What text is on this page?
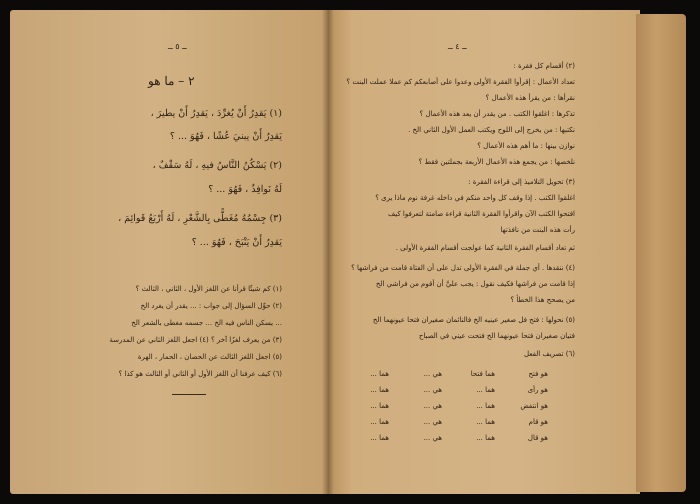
ــ ٥ ــ
٢ – ما هو
(١) يَقدِرُ أَنْ يُغرِّدَ ، يَقدِرُ أَنْ يطيرَ ،
يَقدِرُ أَنْ يبنيَ عُشًا ، فَهُوَ ... ؟
(٢) يَسْكُنُ النَّاسُ فيهِ ، لَهُ سَقْفٌ ،
لَهُ نَوافِذُ ، فَهُوَ ... ؟
(٣) جِسْمُهُ مُغَطًّى بِالشَّعْرِ ، لَهُ أَرْبَعُ قَوائِمَ ،
يَقدِرُ أَنْ يَنْبَحَ ، فَهُوَ ... ؟
(١) كم شيئًا قرأنا عن اللغز الأول ، الثاني ، الثالث ؟
(٢) حوِّل السؤال إلى جواب : ... يقدر أن يغرد الخ
... يسكن الناس فيه الخ ... جسمه مغطى بالشعر الخ
(٣) من يعرف لغزًا آخر ؟ (٤) اجعل اللغز الثاني عن المدرسة
(٥) اجعل اللغز الثالث عن الحصان ، الحمار ، الهرة
(٦) كيف عرفنا أن اللغز الأول أو الثاني أو الثالث هو كذا ؟
ــ ٤ ــ
(٢) أقسام كل فقرة :
تعداد الأعمال : إقرأوا الفقرة الأولى وعدوا على أصابعكم كم عملا عملت البنت ؟
نقرأها : من يقرأ هذه الأعمال ؟
تذكرها : اغلقوا الكتب . من يقدر أن يعد هذه الأعمال ؟
نكتبها : من يخرج إلى اللوح ويكتب العمل الأول الثاني الخ .
نوازن بينها : ما أهم هذه الأعمال ؟
نلخصها : من يجمع هذه الأعمال الأربعة بجملتين فقط ؟
(٣) تحويل التلاميذ إلى قراءة الفقرة :
اغلقوا الكتب . إذا وقف كل واحد منكم في داخله غرفة نوم ماذا يرى ؟
افتحوا الكتب الآن واقرأوا الفقرة الثانية قراءة صامتة لتعرفوا كيف
رأت هذه البنت من نافذتها
ثم تعاد أقسام الفقرة الثانية كما عولجت أقسام الفقرة الأولى .
(٤) ننقدها . أي جملة في الفقرة الأولى تدل على أن الفتاة قامت من فراشها ؟
إذا قامت من فراشها فكيف نقول : يجب عليَّ أن أقوم من فراشي الخ
من يصحح هذا الخطأ ؟
(٥) نحولها : فتح فل صغير عينيه الخ فالنائمان صغيران فتحا عيونهما الخ
فتيان صغيران فتحا عيونهما الخ فتحت عيني في الصباح
(٦) تصريف الفعل
هو فتح
هما فتحا
هي ...
هما ...
هو رأى
هما ...
هي ...
هما ...
هو انتفض
هما ...
هي ...
هما ...
هو قام
هما ...
هي ...
هما ...
هو قال
هما ...
هي ...
هما ...
